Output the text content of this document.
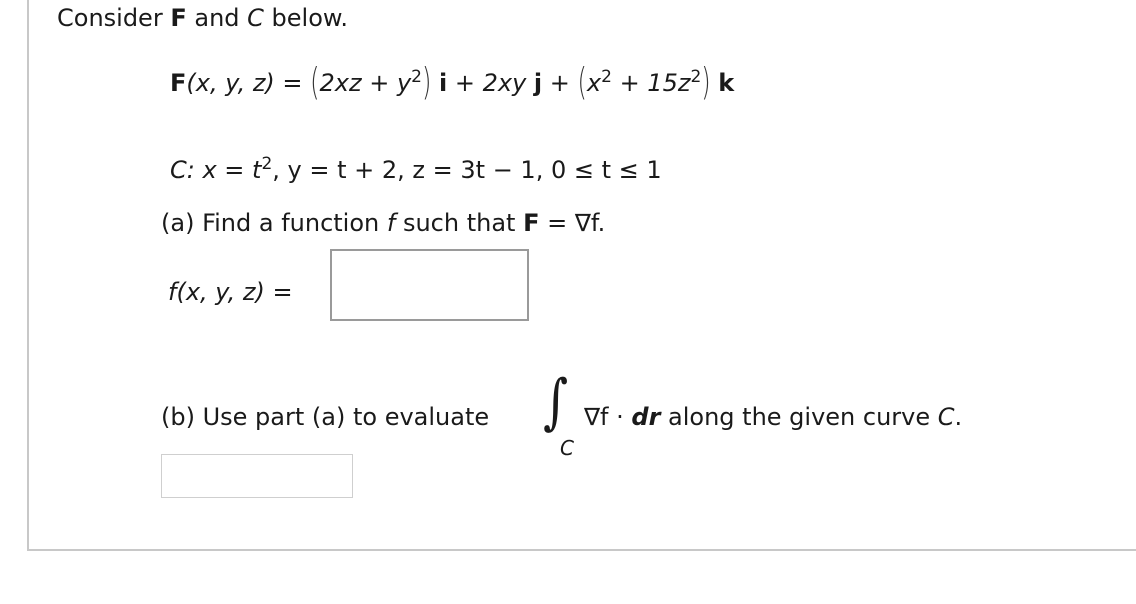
Consider F and C below.
F(x, y, $z) = (2xz + y^2)$ i + 2xy $j + (x^2 + 15z^2)$ k
C: $x = t^2$, y = t + 2, z = 3t − 1, 0 ≤ t ≤ 1
(a) Find a function f such that F = ∇f.
f(x, y, z) =
(b) Use part (a) to evaluate ∫
C
∇f · dr along the given curve C.
